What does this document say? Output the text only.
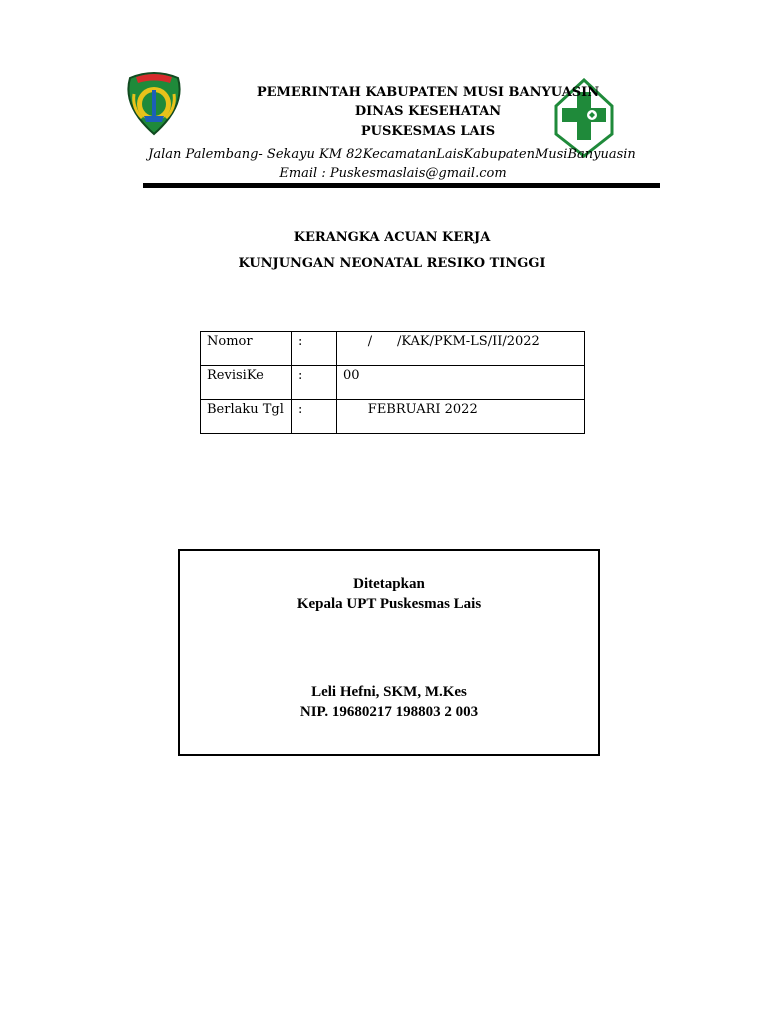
PEMERINTAH KABUPATEN MUSI BANYUASIN
DINAS KESEHATAN
PUSKESMAS LAIS
Jalan Palembang- Sekayu KM 82KecamatanLaisKabupatenMusiBanyuasin
Email : Puskesmaslais@gmail.com
KERANGKA ACUAN KERJA
KUNJUNGAN NEONATAL RESIKO TINGGI
Nomor	:	/      /KAK/PKM-LS/II/2022
RevisiKe	:	00
Berlaku Tgl	:	FEBRUARI 2022
Ditetapkan
Kepala UPT Puskesmas Lais
Leli Hefni, SKM, M.Kes
NIP. 19680217 198803 2 003
